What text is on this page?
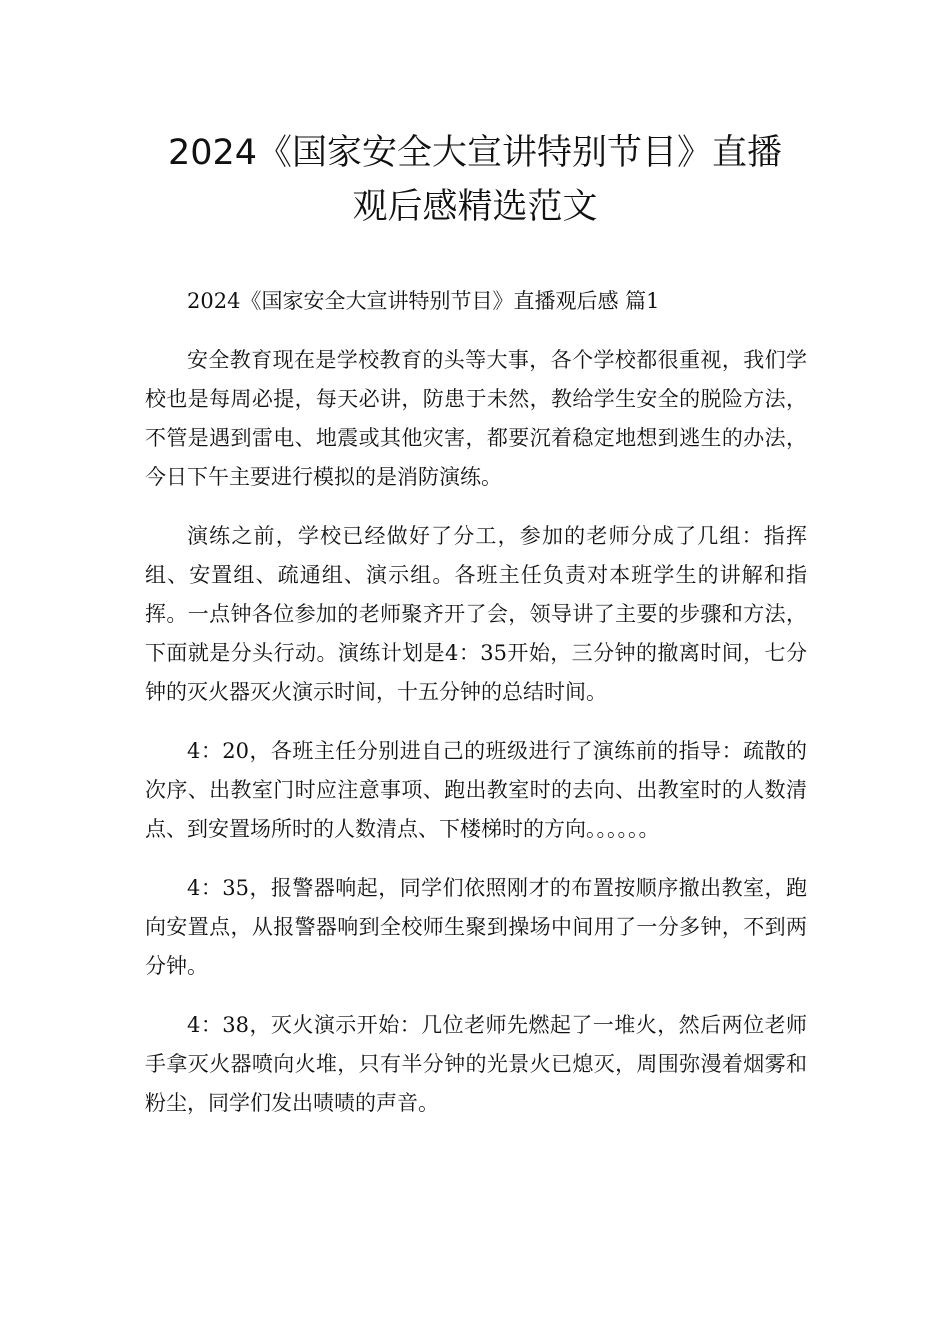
2024《国家安全大宣讲特别节目》直播
观后感精选范文

2024《国家安全大宣讲特别节目》直播观后感 篇1

安全教育现在是学校教育的头等大事，各个学校都很重视，我们学校也是每周必提，每天必讲，防患于未然，教给学生安全的脱险方法，不管是遇到雷电、地震或其他灾害，都要沉着稳定地想到逃生的办法，今日下午主要进行模拟的是消防演练。

演练之前，学校已经做好了分工，参加的老师分成了几组：指挥组、安置组、疏通组、演示组。各班主任负责对本班学生的讲解和指挥。一点钟各位参加的老师聚齐开了会，领导讲了主要的步骤和方法，下面就是分头行动。演练计划是4：35开始，三分钟的撤离时间，七分钟的灭火器灭火演示时间，十五分钟的总结时间。

4：20，各班主任分别进自己的班级进行了演练前的指导：疏散的次序、出教室门时应注意事项、跑出教室时的去向、出教室时的人数清点、到安置场所时的人数清点、下楼梯时的方向。。。。。。

4：35，报警器响起，同学们依照刚才的布置按顺序撤出教室，跑向安置点，从报警器响到全校师生聚到操场中间用了一分多钟，不到两分钟。

4：38，灭火演示开始：几位老师先燃起了一堆火，然后两位老师手拿灭火器喷向火堆，只有半分钟的光景火已熄灭，周围弥漫着烟雾和粉尘，同学们发出啧啧的声音。
